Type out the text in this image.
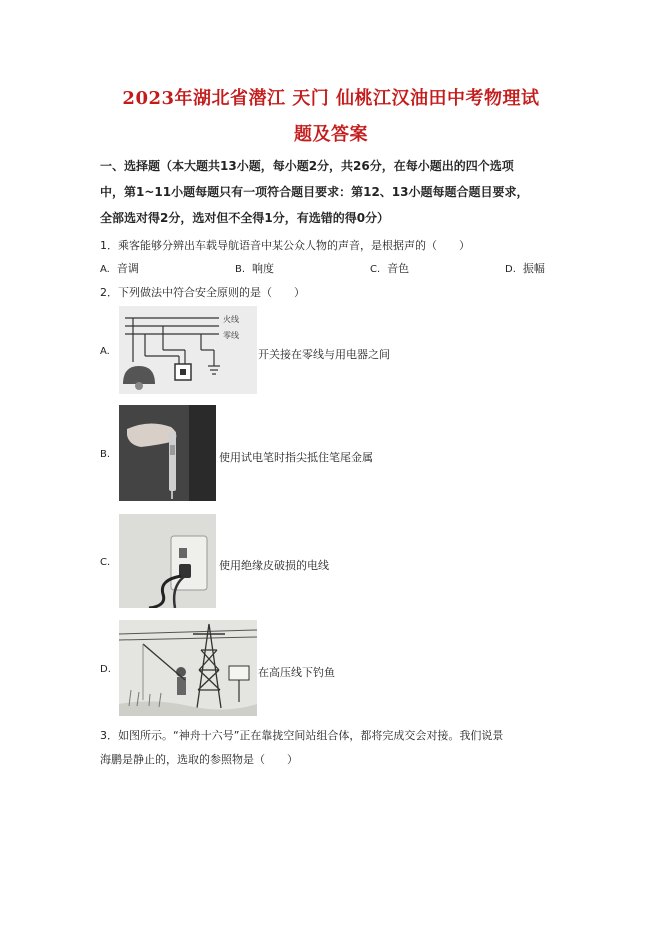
2023年湖北省潜江 天门 仙桃江汉油田中考物理试
题及答案
一、选择题（本大题共13小题，每小题2分，共26分，在每小题出的四个选项
中，第1~11小题每题只有一项符合题目要求：第12、13小题每题合题目要求，
全部选对得2分，选对但不全得1分，有选错的得0分）
1．乘客能够分辨出车载导航语音中某公众人物的声音，是根据声的（　　）
A. 音调	B. 响度	C. 音色	D. 振幅
2．下列做法中符合安全原则的是（　　）
A.
火线
零线
开关接在零线与用电器之间
B.	使用试电笔时指尖抵住笔尾金属
C.	使用绝缘皮破损的电线
D.	在高压线下钓鱼
3．如图所示。“神舟十六号”正在靠拢空间站组合体，都将完成交会对接。我们说景
海鹏是静止的，选取的参照物是（　　）
